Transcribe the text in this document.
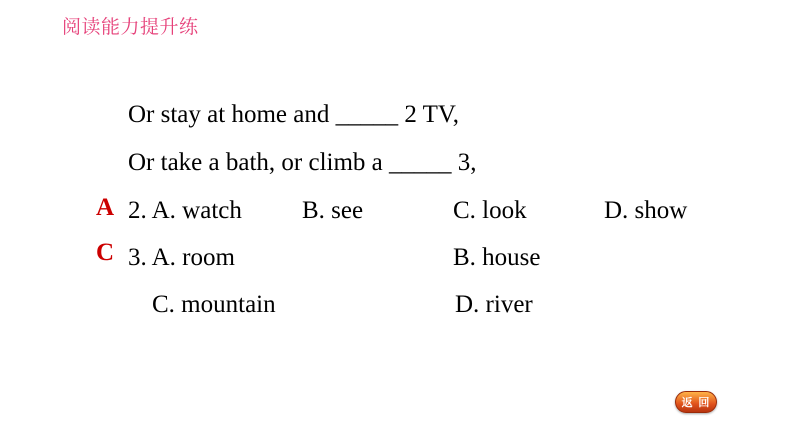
阅读能力提升练
Or stay at home and _____ 2 TV,
Or take a bath, or climb a _____ 3,
A 2. A. watch B. see	C. look	D. show
C 3. A. room	B. house
C. mountain	D. river
返 回
